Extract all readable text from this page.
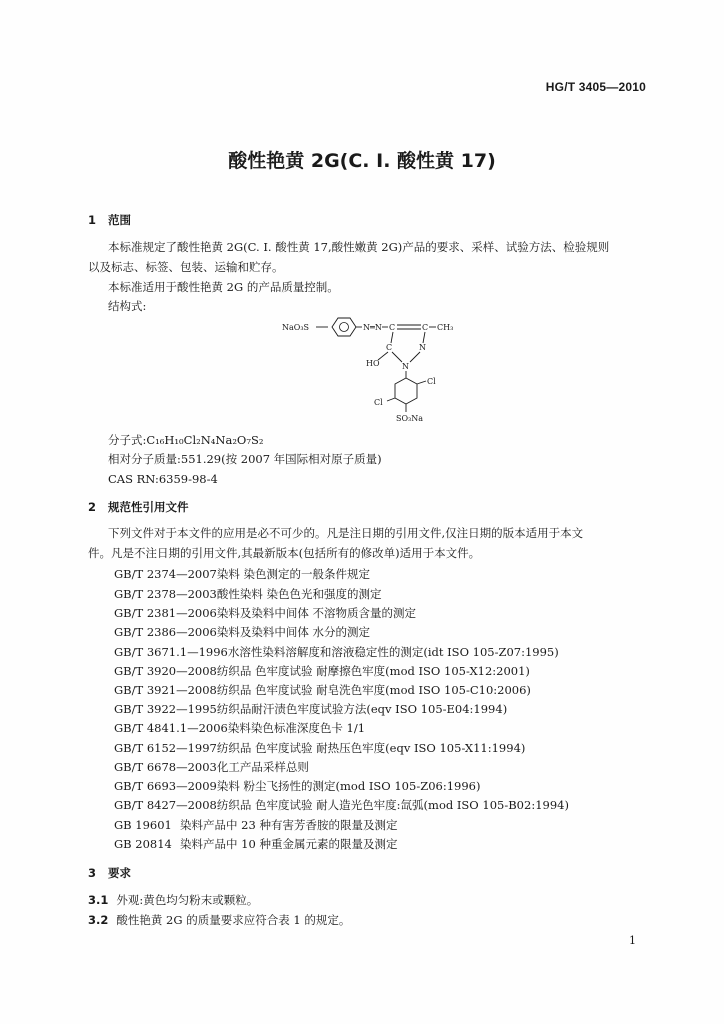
HG/T 3405—2010
酸性艳黄 2G(C. I. 酸性黄 17)
1 范围
本标准规定了酸性艳黄 2G(C. I. 酸性黄 17,酸性嫩黄 2G)产品的要求、采样、试验方法、检验规则
以及标志、标签、包装、运输和贮存。
本标准适用于酸性艳黄 2G 的产品质量控制。
结构式:
NaO₃S	N═N C	C CH₃
C	N
HO	N
Cl
Cl
SO₃Na
分子式:C₁₆H₁₀Cl₂N₄Na₂O₇S₂
相对分子质量:551.29(按 2007 年国际相对原子质量)
CAS RN:6359-98-4
2 规范性引用文件
下列文件对于本文件的应用是必不可少的。凡是注日期的引用文件,仅注日期的版本适用于本文
件。凡是不注日期的引用文件,其最新版本(包括所有的修改单)适用于本文件。
GB/T 2374—2007染料 染色测定的一般条件规定
GB/T 2378—2003酸性染料 染色色光和强度的测定
GB/T 2381—2006染料及染料中间体 不溶物质含量的测定
GB/T 2386—2006染料及染料中间体 水分的测定
GB/T 3671.1—1996水溶性染料溶解度和溶液稳定性的测定(idt ISO 105-Z07:1995)
GB/T 3920—2008纺织品 色牢度试验 耐摩擦色牢度(mod ISO 105-X12:2001)
GB/T 3921—2008纺织品 色牢度试验 耐皂洗色牢度(mod ISO 105-C10:2006)
GB/T 3922—1995纺织品耐汗渍色牢度试验方法(eqv ISO 105-E04:1994)
GB/T 4841.1—2006染料染色标准深度色卡 1/1
GB/T 6152—1997纺织品 色牢度试验 耐热压色牢度(eqv ISO 105-X11:1994)
GB/T 6678—2003化工产品采样总则
GB/T 6693—2009染料 粉尘飞扬性的测定(mod ISO 105-Z06:1996)
GB/T 8427—2008纺织品 色牢度试验 耐人造光色牢度:氙弧(mod ISO 105-B02:1994)
GB 19601 染料产品中 23 种有害芳香胺的限量及测定
GB 20814 染料产品中 10 种重金属元素的限量及测定
3 要求
3.1 外观:黄色均匀粉末或颗粒。
3.2 酸性艳黄 2G 的质量要求应符合表 1 的规定。
1
